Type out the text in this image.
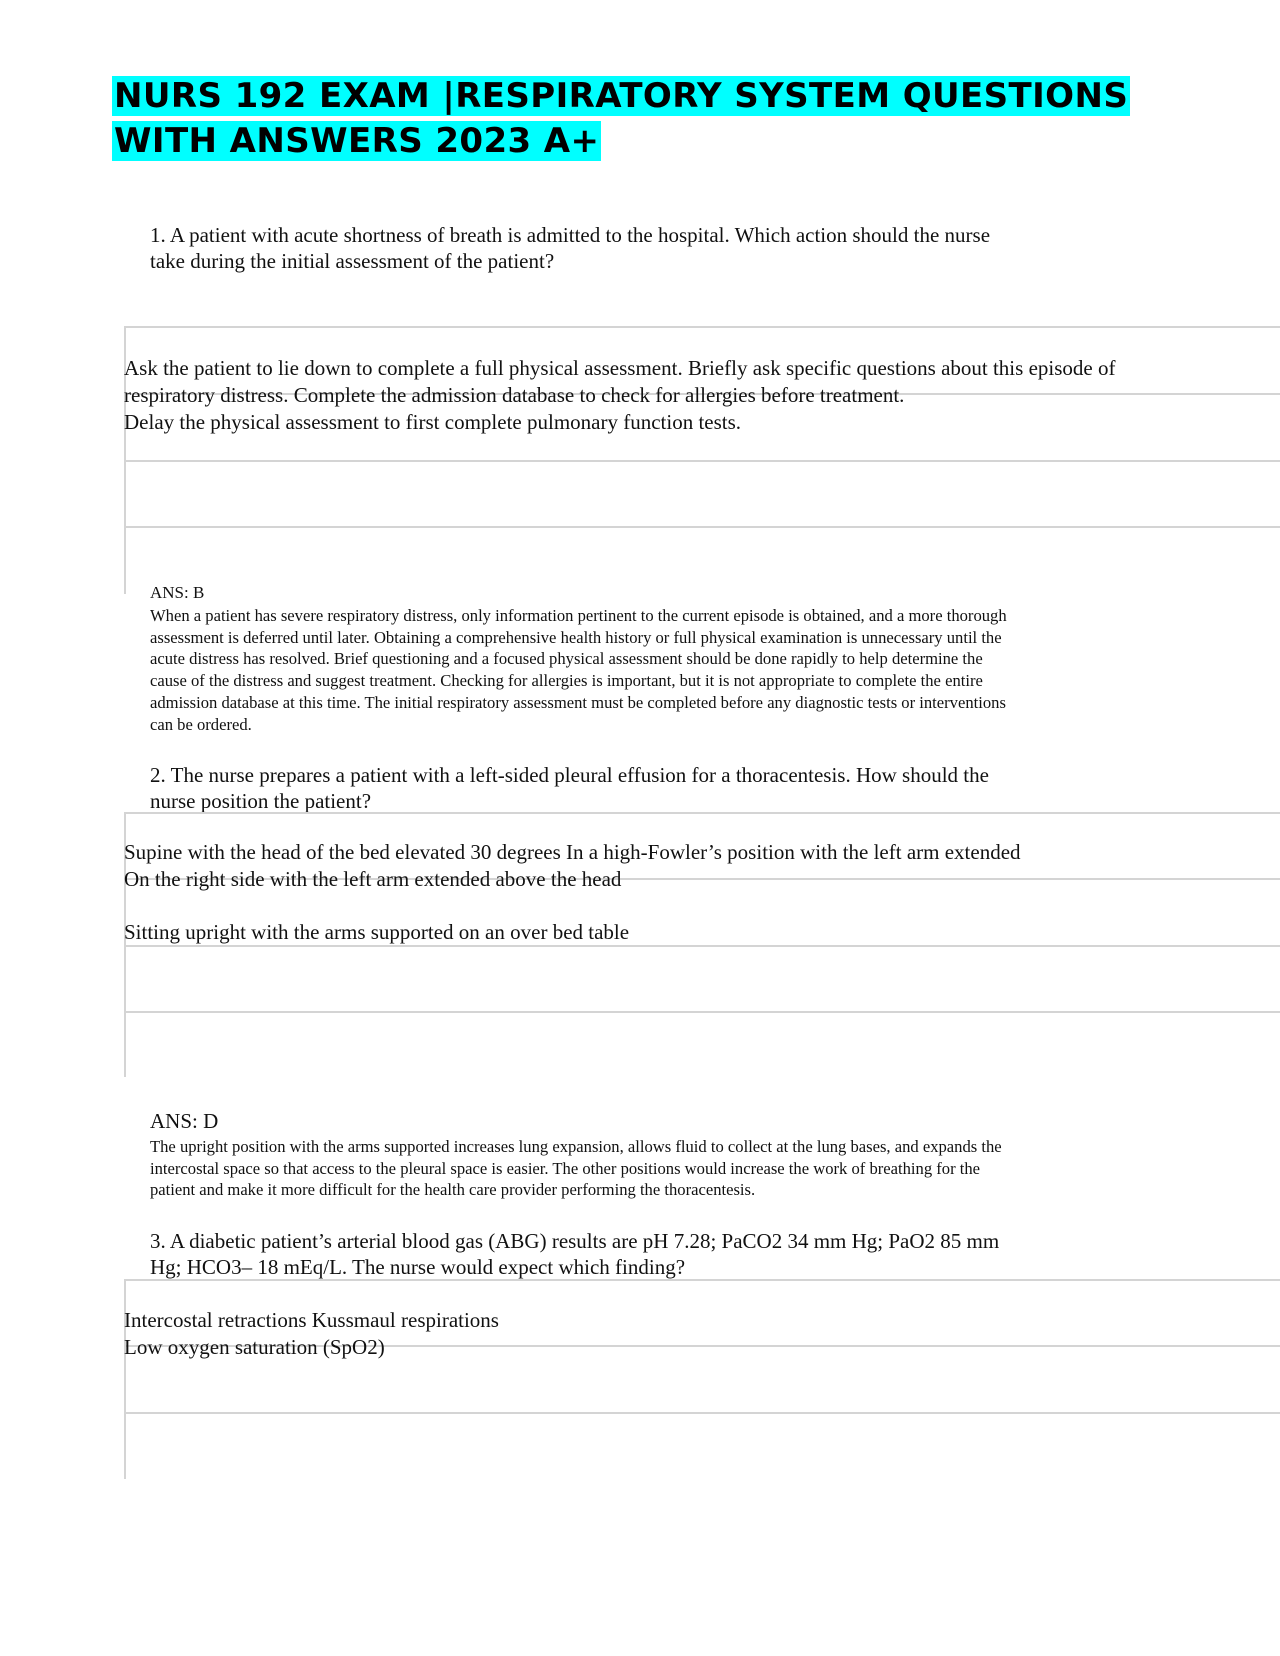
NURS 192 EXAM |RESPIRATORY SYSTEM QUESTIONS
WITH ANSWERS 2023 A+

1. A patient with acute shortness of breath is admitted to the hospital. Which action should the nurse
take during the initial assessment of the patient?

Ask the patient to lie down to complete a full physical assessment. Briefly ask specific questions about this episode of

respiratory distress. Complete the admission database to check for allergies before treatment.

Delay the physical assessment to first complete pulmonary function tests.

ANS: B

When a patient has severe respiratory distress, only information pertinent to the current episode is obtained, and a more thorough
assessment is deferred until later. Obtaining a comprehensive health history or full physical examination is unnecessary until the
acute distress has resolved. Brief questioning and a focused physical assessment should be done rapidly to help determine the
cause of the distress and suggest treatment. Checking for allergies is important, but it is not appropriate to complete the entire
admission database at this time. The initial respiratory assessment must be completed before any diagnostic tests or interventions
can be ordered.

2. The nurse prepares a patient with a left-sided pleural effusion for a thoracentesis. How should the
nurse position the patient?

Supine with the head of the bed elevated 30 degrees In a high-Fowler’s position with the left arm extended

On the right side with the left arm extended above the head

Sitting upright with the arms supported on an over bed table

ANS: D

The upright position with the arms supported increases lung expansion, allows fluid to collect at the lung bases, and expands the
intercostal space so that access to the pleural space is easier. The other positions would increase the work of breathing for the
patient and make it more difficult for the health care provider performing the thoracentesis.

3. A diabetic patient’s arterial blood gas (ABG) results are pH 7.28; PaCO2 34 mm Hg; PaO2 85 mm
Hg; HCO3– 18 mEq/L. The nurse would expect which finding?

Intercostal retractions Kussmaul respirations

Low oxygen saturation (SpO2)
